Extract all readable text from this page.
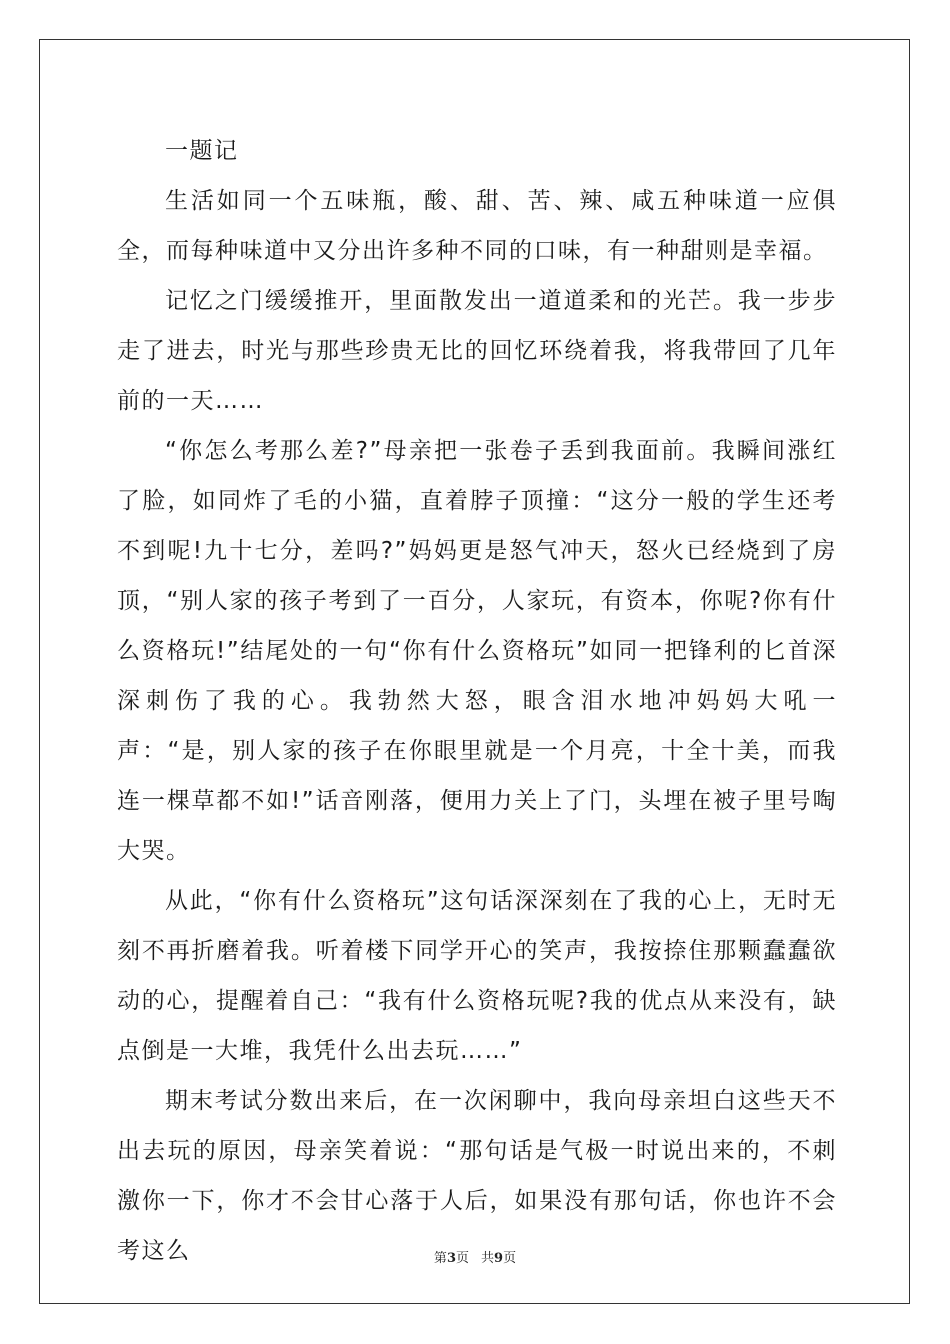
一题记

生活如同一个五味瓶，酸、甜、苦、辣、咸五种味道一应俱全，而每种味道中又分出许多种不同的口味，有一种甜则是幸福。

记忆之门缓缓推开，里面散发出一道道柔和的光芒。我一步步走了进去，时光与那些珍贵无比的回忆环绕着我，将我带回了几年前的一天……

“你怎么考那么差?”母亲把一张卷子丢到我面前。我瞬间涨红了脸，如同炸了毛的小猫，直着脖子顶撞：“这分一般的学生还考不到呢!九十七分，差吗?”妈妈更是怒气冲天，怒火已经烧到了房顶，“别人家的孩子考到了一百分，人家玩，有资本，你呢?你有什么资格玩!”结尾处的一句“你有什么资格玩”如同一把锋利的匕首深深刺伤了我的心。我勃然大怒，眼含泪水地冲妈妈大吼一声：“是，别人家的孩子在你眼里就是一个月亮，十全十美，而我连一棵草都不如!”话音刚落，便用力关上了门，头埋在被子里号啕大哭。

从此，“你有什么资格玩”这句话深深刻在了我的心上，无时无刻不再折磨着我。听着楼下同学开心的笑声，我按捺住那颗蠢蠢欲动的心，提醒着自己：“我有什么资格玩呢?我的优点从来没有，缺点倒是一大堆，我凭什么出去玩……”

期末考试分数出来后，在一次闲聊中，我向母亲坦白这些天不出去玩的原因，母亲笑着说：“那句话是气极一时说出来的，不刺激你一下，你才不会甘心落于人后，如果没有那句话，你也许不会考这么	第3页 共9页
